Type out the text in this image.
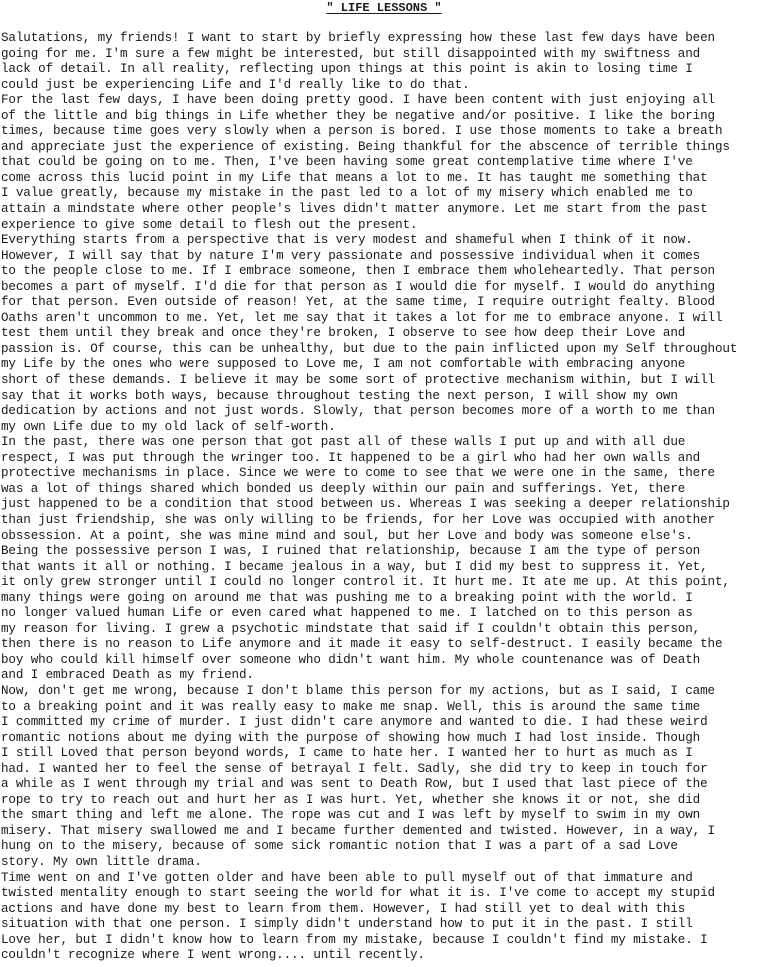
" LIFE LESSONS "
Salutations, my friends! I want to start by briefly expressing how these last few days have been
going for me. I'm sure a few might be interested, but still disappointed with my swiftness and
lack of detail. In all reality, reflecting upon things at this point is akin to losing time I
could just be experiencing Life and I'd really like to do that.
For the last few days, I have been doing pretty good. I have been content with just enjoying all
of the little and big things in Life whether they be negative and/or positive. I like the boring
times, because time goes very slowly when a person is bored. I use those moments to take a breath
and appreciate just the experience of existing. Being thankful for the abscence of terrible things
that could be going on to me. Then, I've been having some great contemplative time where I've
come across this lucid point in my Life that means a lot to me. It has taught me something that
I value greatly, because my mistake in the past led to a lot of my misery which enabled me to
attain a mindstate where other people's lives didn't matter anymore. Let me start from the past
experience to give some detail to flesh out the present.
Everything starts from a perspective that is very modest and shameful when I think of it now.
However, I will say that by nature I'm very passionate and possessive individual when it comes
to the people close to me. If I embrace someone, then I embrace them wholeheartedly. That person
becomes a part of myself. I'd die for that person as I would die for myself. I would do anything
for that person. Even outside of reason! Yet, at the same time, I require outright fealty. Blood
Oaths aren't uncommon to me. Yet, let me say that it takes a lot for me to embrace anyone. I will
test them until they break and once they're broken, I observe to see how deep their Love and
passion is. Of course, this can be unhealthy, but due to the pain inflicted upon my Self throughout
my Life by the ones who were supposed to Love me, I am not comfortable with embracing anyone
short of these demands. I believe it may be some sort of protective mechanism within, but I will
say that it works both ways, because throughout testing the next person, I will show my own
dedication by actions and not just words. Slowly, that person becomes more of a worth to me than
my own Life due to my old lack of self-worth.
In the past, there was one person that got past all of these walls I put up and with all due
respect, I was put through the wringer too. It happened to be a girl who had her own walls and
protective mechanisms in place. Since we were to come to see that we were one in the same, there
was a lot of things shared which bonded us deeply within our pain and sufferings. Yet, there
just happened to be a condition that stood between us. Whereas I was seeking a deeper relationship
than just friendship, she was only willing to be friends, for her Love was occupied with another
obssession. At a point, she was mine mind and soul, but her Love and body was someone else's.
Being the possessive person I was, I ruined that relationship, because I am the type of person
that wants it all or nothing. I became jealous in a way, but I did my best to suppress it. Yet,
it only grew stronger until I could no longer control it. It hurt me. It ate me up. At this point,
many things were going on around me that was pushing me to a breaking point with the world. I
no longer valued human Life or even cared what happened to me. I latched on to this person as
my reason for living. I grew a psychotic mindstate that said if I couldn't obtain this person,
then there is no reason to Life anymore and it made it easy to self-destruct. I easily became the
boy who could kill himself over someone who didn't want him. My whole countenance was of Death
and I embraced Death as my friend.
Now, don't get me wrong, because I don't blame this person for my actions, but as I said, I came
to a breaking point and it was really easy to make me snap. Well, this is around the same time
I committed my crime of murder. I just didn't care anymore and wanted to die. I had these weird
romantic notions about me dying with the purpose of showing how much I had lost inside. Though
I still Loved that person beyond words, I came to hate her. I wanted her to hurt as much as I
had. I wanted her to feel the sense of betrayal I felt. Sadly, she did try to keep in touch for
a while as I went through my trial and was sent to Death Row, but I used that last piece of the
rope to try to reach out and hurt her as I was hurt. Yet, whether she knows it or not, she did
the smart thing and left me alone. The rope was cut and I was left by myself to swim in my own
misery. That misery swallowed me and I became further demented and twisted. However, in a way, I
hung on to the misery, because of some sick romantic notion that I was a part of a sad Love
story. My own little drama.
Time went on and I've gotten older and have been able to pull myself out of that immature and
twisted mentality enough to start seeing the world for what it is. I've come to accept my stupid
actions and have done my best to learn from them. However, I had still yet to deal with this
situation with that one person. I simply didn't understand how to put it in the past. I still
Love her, but I didn't know how to learn from my mistake, because I couldn't find my mistake. I
couldn't recognize where I went wrong.... until recently.
